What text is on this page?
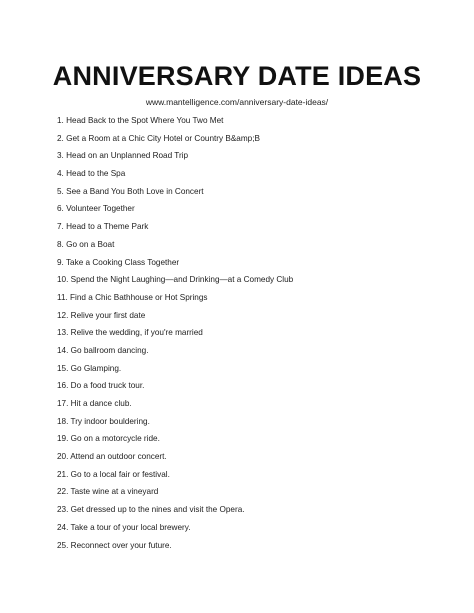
ANNIVERSARY DATE IDEAS

www.mantelligence.com/anniversary-date-ideas/

1. Head Back to the Spot Where You Two Met
2. Get a Room at a Chic City Hotel or Country B&amp;B
3. Head on an Unplanned Road Trip
4. Head to the Spa
5. See a Band You Both Love in Concert
6. Volunteer Together
7. Head to a Theme Park
8. Go on a Boat
9. Take a Cooking Class Together
10. Spend the Night Laughing—and Drinking—at a Comedy Club
11. Find a Chic Bathhouse or Hot Springs
12. Relive your first date
13. Relive the wedding, if you're married
14. Go ballroom dancing.
15. Go Glamping.
16. Do a food truck tour.
17. Hit a dance club.
18. Try indoor bouldering.
19. Go on a motorcycle ride.
20. Attend an outdoor concert.
21. Go to a local fair or festival.
22. Taste wine at a vineyard
23. Get dressed up to the nines and visit the Opera.
24. Take a tour of your local brewery.
25. Reconnect over your future.
